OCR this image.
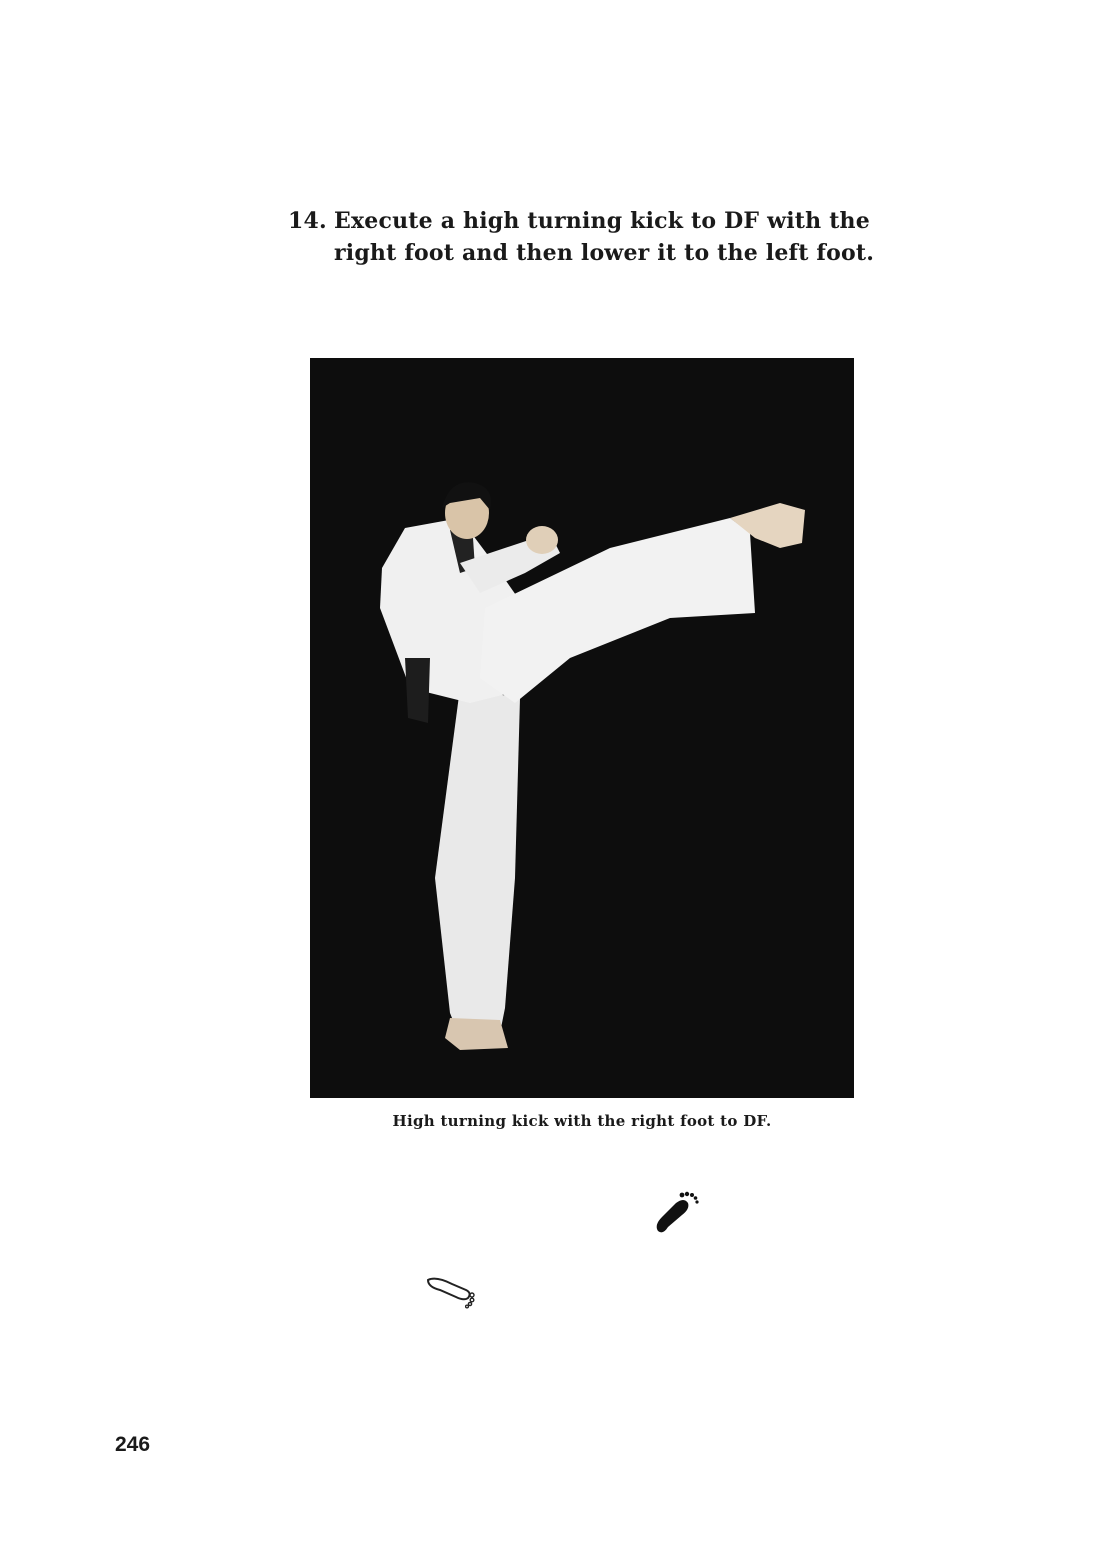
14. Execute a high turning kick to DF with the
right foot and then lower it to the left foot.
High turning kick with the right foot to DF.
246
